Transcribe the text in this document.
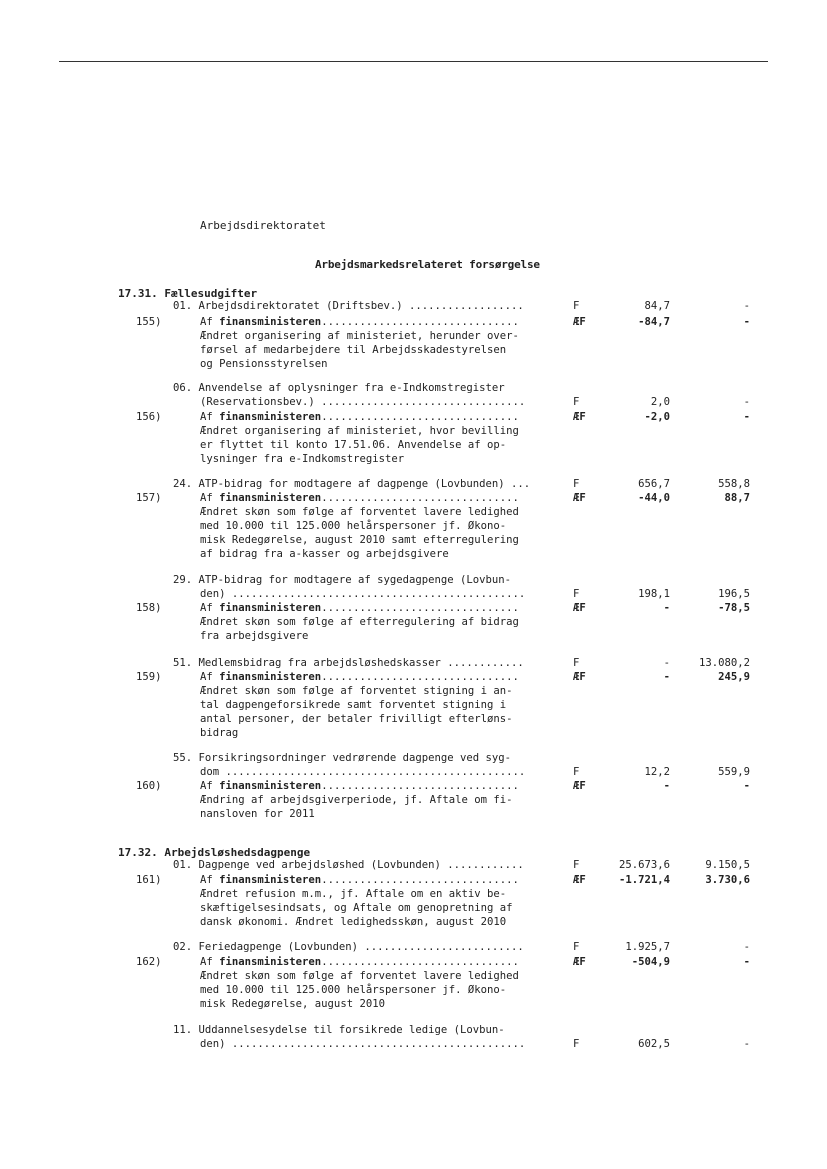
Arbejdsdirektoratet
Arbejdsmarkedsrelateret forsørgelse
17.31. Fællesudgifter
01. Arbejdsdirektoratet (Driftsbev.) ..................	F	84,7	-
155)	Af finansministeren...............................	ÆF	-84,7	-
Ændret organisering af ministeriet, herunder over-
førsel af medarbejdere til Arbejdsskadestyrelsen
og Pensionsstyrelsen
06. Anvendelse af oplysninger fra e-Indkomstregister
(Reservationsbev.) ................................	F	2,0	-
156)	Af finansministeren...............................	ÆF	-2,0	-
Ændret organisering af ministeriet, hvor bevilling
er flyttet til konto 17.51.06. Anvendelse af op-
lysninger fra e-Indkomstregister
24. ATP-bidrag for modtagere af dagpenge (Lovbunden) ...	F	656,7	558,8
157)	Af finansministeren...............................	ÆF	-44,0	88,7
Ændret skøn som følge af forventet lavere ledighed
med 10.000 til 125.000 helårspersoner jf. Økono-
misk Redegørelse, august 2010 samt efterregulering
af bidrag fra a-kasser og arbejdsgivere
29. ATP-bidrag for modtagere af sygedagpenge (Lovbun-
den) ..............................................	F	198,1	196,5
158)	Af finansministeren...............................	ÆF	-	-78,5
Ændret skøn som følge af efterregulering af bidrag
fra arbejdsgivere
51. Medlemsbidrag fra arbejdsløshedskasser ............	F	-	13.080,2
159)	Af finansministeren...............................	ÆF	-	245,9
Ændret skøn som følge af forventet stigning i an-
tal dagpengeforsikrede samt forventet stigning i
antal personer, der betaler frivilligt efterløns-
bidrag
55. Forsikringsordninger vedrørende dagpenge ved syg-
dom ...............................................	F	12,2	559,9
160)	Af finansministeren...............................	ÆF	-	-
Ændring af arbejdsgiverperiode, jf. Aftale om fi-
nansloven for 2011
17.32. Arbejdsløshedsdagpenge
01. Dagpenge ved arbejdsløshed (Lovbunden) ............	F	25.673,6	9.150,5
161)	Af finansministeren...............................	ÆF	-1.721,4	3.730,6
Ændret refusion m.m., jf. Aftale om en aktiv be-
skæftigelsesindsats, og Aftale om genopretning af
dansk økonomi. Ændret ledighedsskøn, august 2010
02. Feriedagpenge (Lovbunden) .........................	F	1.925,7	-
162)	Af finansministeren...............................	ÆF	-504,9	-
Ændret skøn som følge af forventet lavere ledighed
med 10.000 til 125.000 helårspersoner jf. Økono-
misk Redegørelse, august 2010
11. Uddannelsesydelse til forsikrede ledige (Lovbun-
den) ..............................................	F	602,5	-
